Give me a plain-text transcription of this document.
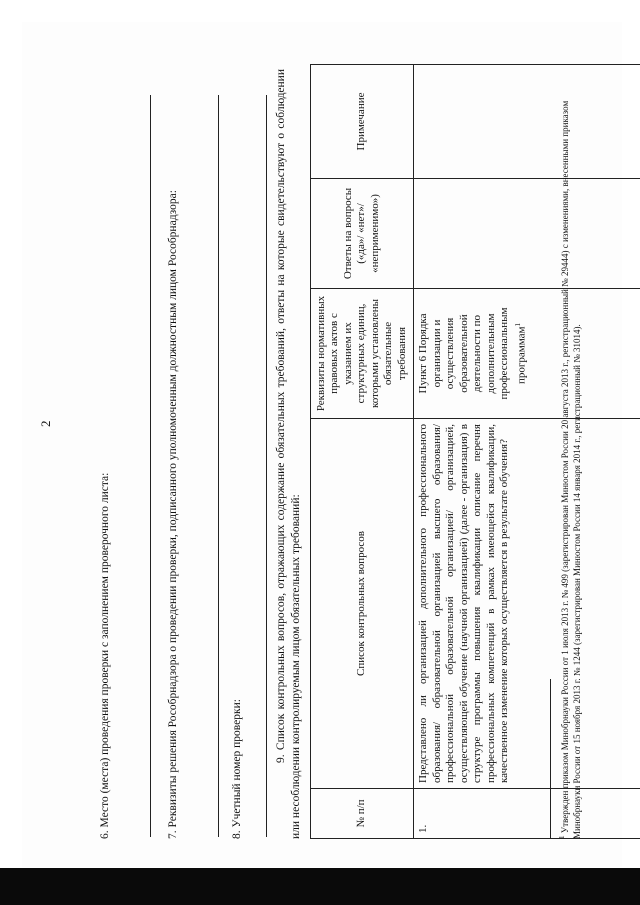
2
6. Место (места) проведения проверки с заполнением проверочного листа:	7. Реквизиты решения Рособрнадзора о проведении проверки, подписанного уполномоченным должностным лицом Рособрнадзора:	8. Учетный номер проверки:
9. Список контрольных вопросов, отражающих содержание обязательных требований, ответы на которые свидетельствуют о соблюдении или несоблюдении контролируемым лицом обязательных требований:	№ п/п	Список контрольных вопросов	Реквизиты нормативных правовых актов с указанием их структурных единиц, которыми установлены обязательные требования	Ответы на вопросы («да»/ «нет»/ «неприменимо»)	Примечание
1.	Представлено ли организацией дополнительного профессионального образования/ образовательной организацией высшего образования/ профессиональной образовательной организацией/ организацией, осуществляющей обучение (научной организацией) (далее - организация) в структуре программы повышения квалификации описание перечня профессиональных компетенций в рамках имеющейся квалификации, качественное изменение которых осуществляется в результате обучения?	Пункт 6 Порядка организации и осуществления образовательной деятельности по дополнительным профессиональным программам$^1$		
$^1$ Утвержден приказом Минобрнауки России от 1 июля 2013 г. № 499 (зарегистрирован Минюстом России 20 августа 2013 г., регистрационный № 29444) с изменениями, внесенными приказом Минобрнауки России от 15 ноября 2013 г. № 1244 (зарегистрирован Минюстом России 14 января 2014 г., регистрационный № 31014).
